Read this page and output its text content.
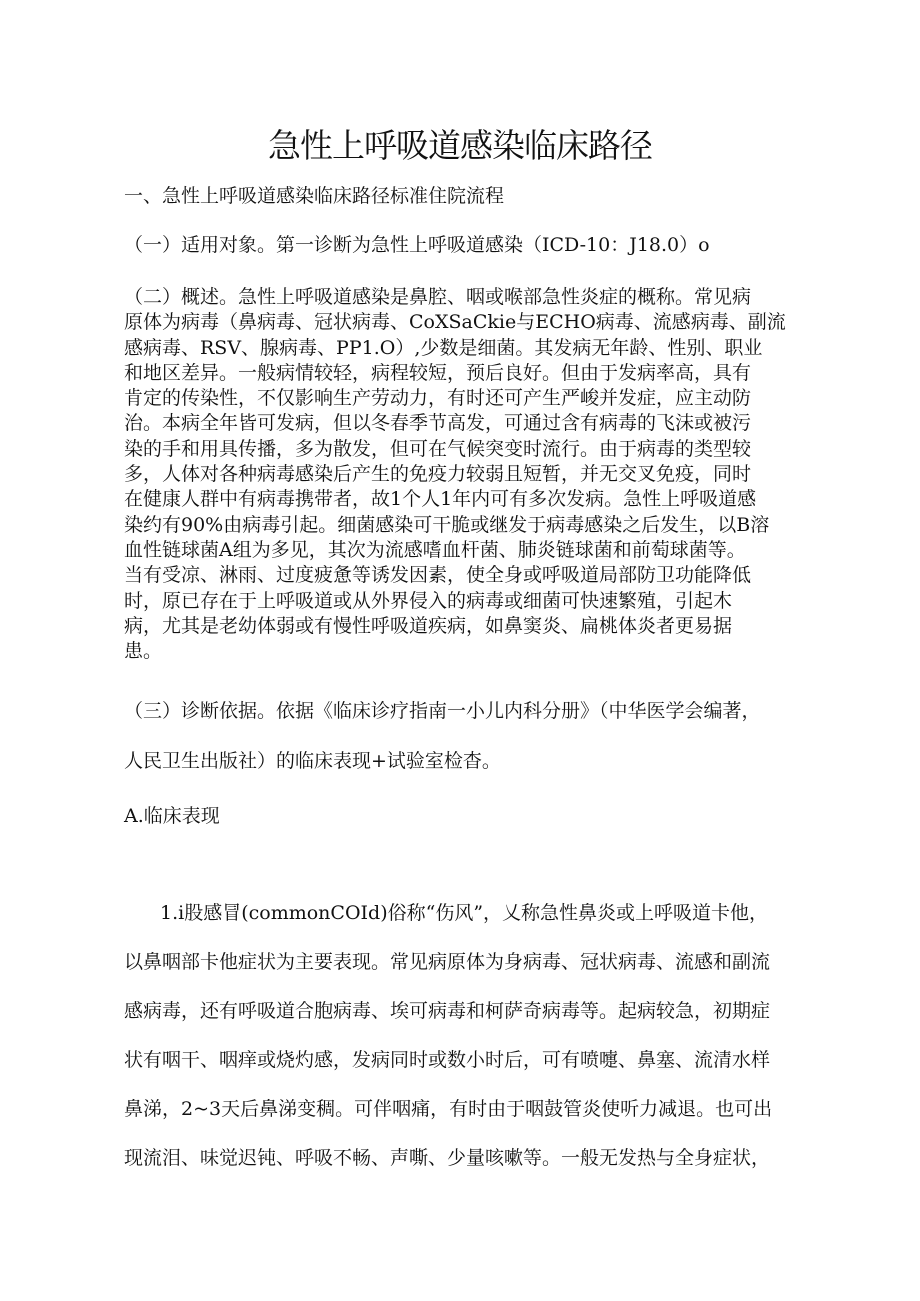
急性上呼吸道感染临床路径

一、急性上呼吸道感染临床路径标准住院流程

（一）适用对象。第一诊断为急性上呼吸道感染（ICD-10：J18.0）o

（二）概述。急性上呼吸道感染是鼻腔、咽或喉部急性炎症的概称。常见病
原体为病毒（鼻病毒、冠状病毒、CoXSaCkie与ECHO病毒、流感病毒、副流
感病毒、RSV、腺病毒、PP1.O）,少数是细菌。其发病无年龄、性别、职业
和地区差异。一般病情较轻，病程较短，预后良好。但由于发病率高，具有
肯定的传染性，不仅影响生产劳动力，有时还可产生严峻并发症，应主动防
治。本病全年皆可发病，但以冬春季节高发，可通过含有病毒的飞沫或被污
染的手和用具传播，多为散发，但可在气候突变时流行。由于病毒的类型较
多，人体对各种病毒感染后产生的免疫力较弱且短暂，并无交叉免疫，同时
在健康人群中有病毒携带者，故1个人1年内可有多次发病。急性上呼吸道感
染约有90%由病毒引起。细菌感染可干脆或继发于病毒感染之后发生，以B溶
血性链球菌A组为多见，其次为流感嗜血杆菌、肺炎链球菌和前萄球菌等。
当有受凉、淋雨、过度疲惫等诱发因素，使全身或呼吸道局部防卫功能降低
时，原已存在于上呼吸道或从外界侵入的病毒或细菌可快速繁殖，引起木
病，尤其是老幼体弱或有慢性呼吸道疾病，如鼻窦炎、扁桃体炎者更易据
患。

（三）诊断依据。依据《临床诊疗指南一小儿内科分册》（中华医学会编著，

人民卫生出版社）的临床表现+试验室检杳。

A.临床表现

1.i股感冒(commonCOId)俗称“伤风”，乂称急性鼻炎或上呼吸道卡他，
以鼻咽部卡他症状为主要表现。常见病原体为身病毒、冠状病毒、流感和副流
感病毒，还有呼吸道合胞病毒、埃可病毒和柯萨奇病毒等。起病较急，初期症
状有咽干、咽痒或烧灼感，发病同时或数小时后，可有喷嚏、鼻塞、流清水样
鼻涕，2~3天后鼻涕变稠。可伴咽痛，有时由于咽鼓管炎使听力减退。也可出
现流泪、味觉迟钝、呼吸不畅、声嘶、少量咳嗽等。一般无发热与全身症状，
